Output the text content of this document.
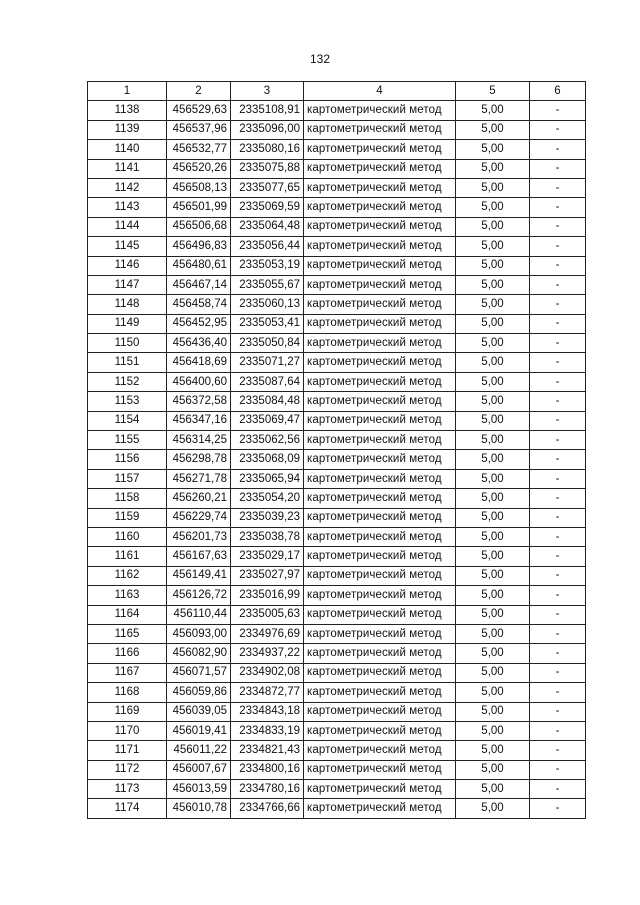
132
1	2	3	4	5	6
1138	456529,63	2335108,91	картометрический метод	5,00	-
1139	456537,96	2335096,00	картометрический метод	5,00	-
1140	456532,77	2335080,16	картометрический метод	5,00	-
1141	456520,26	2335075,88	картометрический метод	5,00	-
1142	456508,13	2335077,65	картометрический метод	5,00	-
1143	456501,99	2335069,59	картометрический метод	5,00	-
1144	456506,68	2335064,48	картометрический метод	5,00	-
1145	456496,83	2335056,44	картометрический метод	5,00	-
1146	456480,61	2335053,19	картометрический метод	5,00	-
1147	456467,14	2335055,67	картометрический метод	5,00	-
1148	456458,74	2335060,13	картометрический метод	5,00	-
1149	456452,95	2335053,41	картометрический метод	5,00	-
1150	456436,40	2335050,84	картометрический метод	5,00	-
1151	456418,69	2335071,27	картометрический метод	5,00	-
1152	456400,60	2335087,64	картометрический метод	5,00	-
1153	456372,58	2335084,48	картометрический метод	5,00	-
1154	456347,16	2335069,47	картометрический метод	5,00	-
1155	456314,25	2335062,56	картометрический метод	5,00	-
1156	456298,78	2335068,09	картометрический метод	5,00	-
1157	456271,78	2335065,94	картометрический метод	5,00	-
1158	456260,21	2335054,20	картометрический метод	5,00	-
1159	456229,74	2335039,23	картометрический метод	5,00	-
1160	456201,73	2335038,78	картометрический метод	5,00	-
1161	456167,63	2335029,17	картометрический метод	5,00	-
1162	456149,41	2335027,97	картометрический метод	5,00	-
1163	456126,72	2335016,99	картометрический метод	5,00	-
1164	456110,44	2335005,63	картометрический метод	5,00	-
1165	456093,00	2334976,69	картометрический метод	5,00	-
1166	456082,90	2334937,22	картометрический метод	5,00	-
1167	456071,57	2334902,08	картометрический метод	5,00	-
1168	456059,86	2334872,77	картометрический метод	5,00	-
1169	456039,05	2334843,18	картометрический метод	5,00	-
1170	456019,41	2334833,19	картометрический метод	5,00	-
1171	456011,22	2334821,43	картометрический метод	5,00	-
1172	456007,67	2334800,16	картометрический метод	5,00	-
1173	456013,59	2334780,16	картометрический метод	5,00	-
1174	456010,78	2334766,66	картометрический метод	5,00	-
